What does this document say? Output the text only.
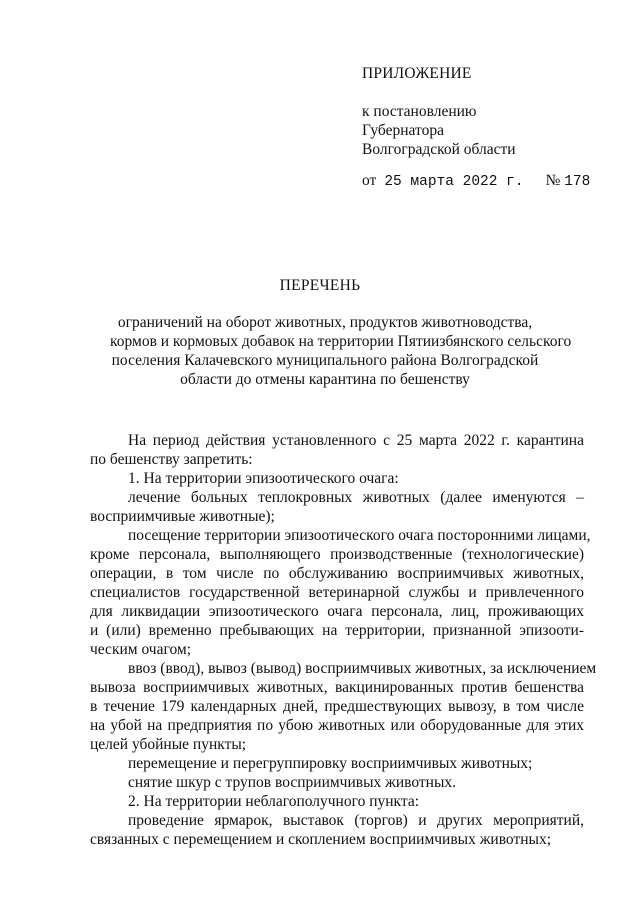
ПРИЛОЖЕНИЕ

к постановлению

Губернатора

Волгоградской области

от 25 марта 2022 г. № 178
ПЕРЕЧЕНЬ

ограничений на оборот животных, продуктов животноводства,

кормов и кормовых добавок на территории Пятиизбянского сельского

поселения Калачевского муниципального района Волгоградской

области до отмены карантина по бешенству

На период действия установленного с 25 марта 2022 г. карантина
по бешенству запретить:
1. На территории эпизоотического очага:
лечение больных теплокровных животных (далее именуются –
восприимчивые животные);
посещение территории эпизоотического очага посторонними лицами,
кроме персонала, выполняющего производственные (технологические)
операции, в том числе по обслуживанию восприимчивых животных,
специалистов государственной ветеринарной службы и привлеченного
для ликвидации эпизоотического очага персонала, лиц, проживающих
и (или) временно пребывающих на территории, признанной эпизооти-
ческим очагом;
ввоз (ввод), вывоз (вывод) восприимчивых животных, за исключением
вывоза восприимчивых животных, вакцинированных против бешенства
в течение 179 календарных дней, предшествующих вывозу, в том числе
на убой на предприятия по убою животных или оборудованные для этих
целей убойные пункты;
перемещение и перегруппировку восприимчивых животных;
снятие шкур с трупов восприимчивых животных.
2. На территории неблагополучного пункта:
проведение ярмарок, выставок (торгов) и других мероприятий,
связанных с перемещением и скоплением восприимчивых животных;
